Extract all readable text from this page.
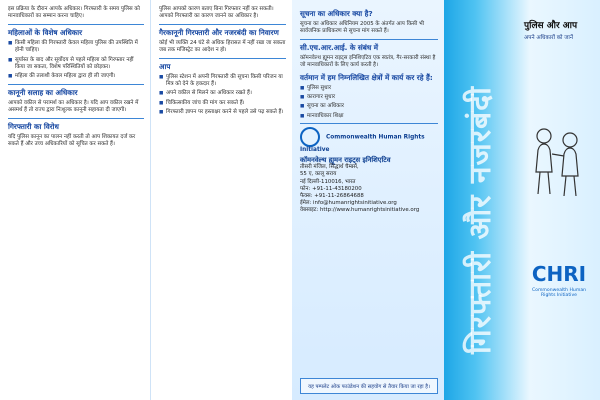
इस प्रक्रिया के दौरान आपके अधिकार। गिरफ्तारी के समय पुलिस को मानवाधिकारों का सम्मान करना चाहिए।
महिलाओं के विशेष अधिकार
■ किसी महिला की गिरफ्तारी केवल महिला पुलिस की उपस्थिति में होनी चाहिए।
■ सूर्यास्त के बाद और सूर्योदय से पहले महिला को गिरफ्तार नहीं किया जा सकता, विशेष परिस्थितियों को छोड़कर।
■ महिला की तलाशी केवल महिला द्वारा ही ली जाएगी।
कानूनी सलाह का अधिकार
आपको वकील से परामर्श का अधिकार है। यदि आप वकील रखने में असमर्थ हैं तो राज्य द्वारा निःशुल्क कानूनी सहायता दी जाएगी।
गिरफ्तारी का विरोध
यदि पुलिस कानून का पालन नहीं करती तो आप शिकायत दर्ज कर सकते हैं और उच्च अधिकारियों को सूचित कर सकते हैं।
पुलिस आपको कारण बताए बिना गिरफ्तार नहीं कर सकती। आपको गिरफ्तारी का कारण जानने का अधिकार है।
गैरकानूनी गिरफ्तारी और नजरबंदी का निवारण
कोई भी व्यक्ति 24 घंटे से अधिक हिरासत में नहीं रखा जा सकता जब तक मजिस्ट्रेट का आदेश न हो।
आप
■ पुलिस स्टेशन में अपनी गिरफ्तारी की सूचना किसी परिजन या मित्र को देने के हकदार हैं।
■ अपने वकील से मिलने का अधिकार रखते हैं।
■ चिकित्सकीय जांच की मांग कर सकते हैं।
■ गिरफ्तारी ज्ञापन पर हस्ताक्षर करने से पहले उसे पढ़ सकते हैं।
सूचना का अधिकार क्या है?
सूचना का अधिकार अधिनियम 2005 के अंतर्गत आप किसी भी सार्वजनिक प्राधिकरण से सूचना मांग सकते हैं।
सी.एच.आर.आई. के संबंध में
कॉमनवेल्थ ह्यूमन राइट्स इनिशिएटिव एक स्वतंत्र, गैर-सरकारी संस्था है जो मानवाधिकारों के लिए कार्य करती है।
वर्तमान में हम निम्नलिखित क्षेत्रों में कार्य कर रहे हैं:
■ पुलिस सुधार
■ कारागार सुधार
■ सूचना का अधिकार
■ मानवाधिकार शिक्षा
Commonwealth Human Rights Initiative
कॉमनवेल्थ ह्यूमन राइट्स इनिशिएटिव
तीसरी मंजिल, सिद्धार्थ चैम्बर्स,
55 ए, कालू सराय
नई दिल्ली-110016, भारत
फोन: +91-11-43180200
फैक्स: +91-11-26864688
ईमेल: info@humanrightsinitiative.org
वेबसाइट: http://www.humanrightsinitiative.org
यह पम्पलेट ओक फाउंडेशन की सहयोग से तैयार किया जा रहा है।
गिरफ्तारी और नजरबंदी
पुलिस और आप
अपने अधिकारों को जानें
CHRI
Commonwealth Human Rights Initiative
